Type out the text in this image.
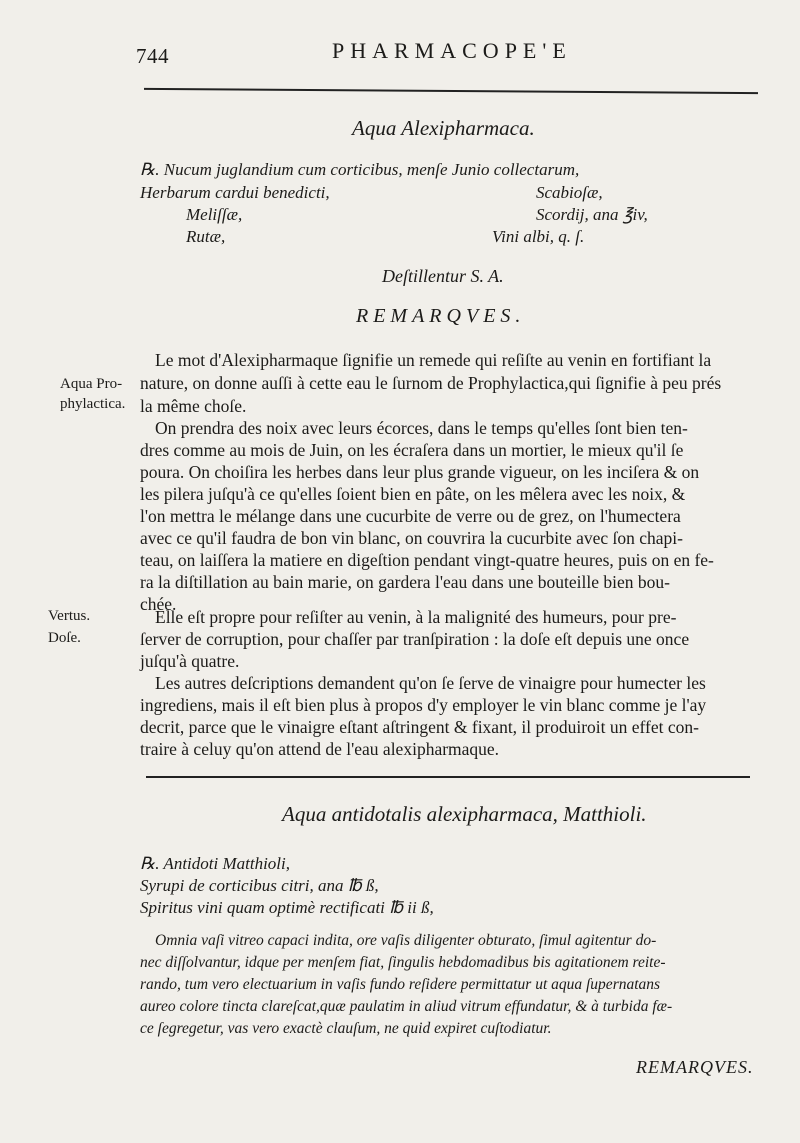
744	PHARMACOPE'E
Aqua Alexipharmaca.
℞. Nucum juglandium cum corticibus, menſe Junio collectarum,
Herbarum cardui benedicti,	Scabioſæ,
Meliſſæ,	Scordij, ana ℥iv,
Rutæ,	Vini albi, q. ſ.
Deſtillentur S. A.
REMARQVES.
Aqua Pro-
phylactica.
Vertus.
Doſe.
Le mot d'Alexipharmaque ſignifie un remede qui reſiſte au venin en fortifiant la
nature, on donne auſſi à cette eau le ſurnom de Prophylactica,qui ſignifie à peu prés
la même choſe.
On prendra des noix avec leurs écorces, dans le temps qu'elles ſont bien ten-
dres comme au mois de Juin, on les écraſera dans un mortier, le mieux qu'il ſe
poura. On choiſira les herbes dans leur plus grande vigueur, on les inciſera & on
les pilera juſqu'à ce qu'elles ſoient bien en pâte, on les mêlera avec les noix, &
l'on mettra le mélange dans une cucurbite de verre ou de grez, on l'humectera
avec ce qu'il faudra de bon vin blanc, on couvrira la cucurbite avec ſon chapi-
teau, on laiſſera la matiere en digeſtion pendant vingt-quatre heures, puis on en fe-
ra la diſtillation au bain marie, on gardera l'eau dans une bouteille bien bou-
chée.
Elle eſt propre pour reſiſter au venin, à la malignité des humeurs, pour pre-
ſerver de corruption, pour chaſſer par tranſpiration : la doſe eſt depuis une once
juſqu'à quatre.
Les autres deſcriptions demandent qu'on ſe ſerve de vinaigre pour humecter les
ingrediens, mais il eſt bien plus à propos d'y employer le vin blanc comme je l'ay
decrit, parce que le vinaigre eſtant aſtringent & fixant, il produiroit un effet con-
traire à celuy qu'on attend de l'eau alexipharmaque.
Aqua antidotalis alexipharmaca, Matthioli.
℞. Antidoti Matthioli,
Syrupi de corticibus citri, ana ℔ ß,
Spiritus vini quam optimè rectificati ℔ ii ß,
Omnia vaſi vitreo capaci indita, ore vaſis diligenter obturato, ſimul agitentur do-
nec diſſolvantur, idque per menſem fiat, ſingulis hebdomadibus bis agitationem reite-
rando, tum vero electuarium in vaſis fundo reſidere permittatur ut aqua ſupernatans
aureo colore tincta clareſcat,quæ paulatim in aliud vitrum effundatur, & à turbida fæ-
ce ſegregetur, vas vero exactè clauſum, ne quid expiret cuſtodiatur.
REMARQVES.
